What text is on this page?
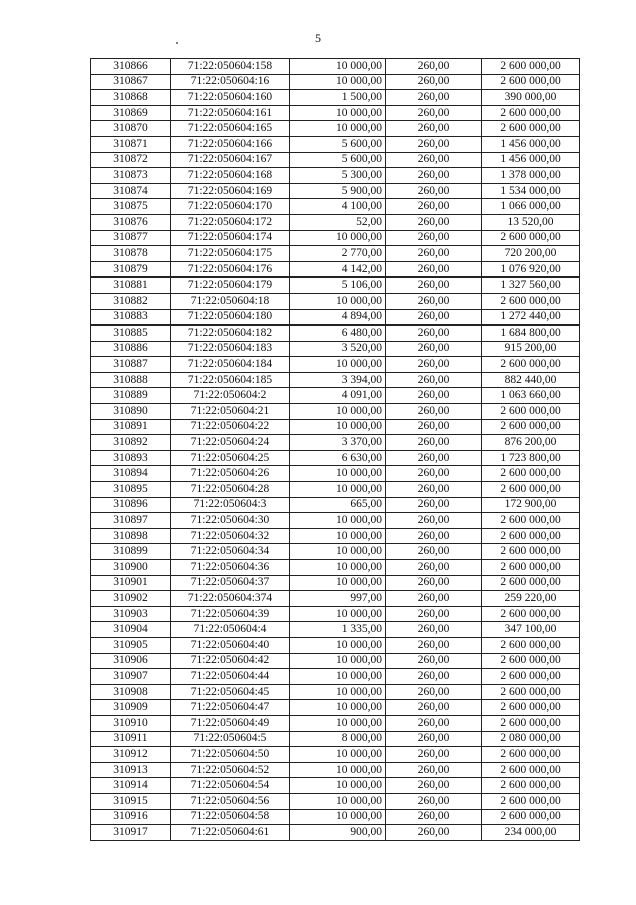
5
310866	71:22:050604:158	10 000,00	260,00	2 600 000,00
310867	71:22:050604:16	10 000,00	260,00	2 600 000,00
310868	71:22:050604:160	1 500,00	260,00	390 000,00
310869	71:22:050604:161	10 000,00	260,00	2 600 000,00
310870	71:22:050604:165	10 000,00	260,00	2 600 000,00
310871	71:22:050604:166	5 600,00	260,00	1 456 000,00
310872	71:22:050604:167	5 600,00	260,00	1 456 000,00
310873	71:22:050604:168	5 300,00	260,00	1 378 000,00
310874	71:22:050604:169	5 900,00	260,00	1 534 000,00
310875	71:22:050604:170	4 100,00	260,00	1 066 000,00
310876	71:22:050604:172	52,00	260,00	13 520,00
310877	71:22:050604:174	10 000,00	260,00	2 600 000,00
310878	71:22:050604:175	2 770,00	260,00	720 200,00
310879	71:22:050604:176	4 142,00	260,00	1 076 920,00
310881	71:22:050604:179	5 106,00	260,00	1 327 560,00
310882	71:22:050604:18	10 000,00	260,00	2 600 000,00
310883	71:22:050604:180	4 894,00	260,00	1 272 440,00
310885	71:22:050604:182	6 480,00	260,00	1 684 800,00
310886	71:22:050604:183	3 520,00	260,00	915 200,00
310887	71:22:050604:184	10 000,00	260,00	2 600 000,00
310888	71:22:050604:185	3 394,00	260,00	882 440,00
310889	71:22:050604:2	4 091,00	260,00	1 063 660,00
310890	71:22:050604:21	10 000,00	260,00	2 600 000,00
310891	71:22:050604:22	10 000,00	260,00	2 600 000,00
310892	71:22:050604:24	3 370,00	260,00	876 200,00
310893	71:22:050604:25	6 630,00	260,00	1 723 800,00
310894	71:22:050604:26	10 000,00	260,00	2 600 000,00
310895	71:22:050604:28	10 000,00	260,00	2 600 000,00
310896	71:22:050604:3	665,00	260,00	172 900,00
310897	71:22:050604:30	10 000,00	260,00	2 600 000,00
310898	71:22:050604:32	10 000,00	260,00	2 600 000,00
310899	71:22:050604:34	10 000,00	260,00	2 600 000,00
310900	71:22:050604:36	10 000,00	260,00	2 600 000,00
310901	71:22:050604:37	10 000,00	260,00	2 600 000,00
310902	71:22:050604:374	997,00	260,00	259 220,00
310903	71:22:050604:39	10 000,00	260,00	2 600 000,00
310904	71:22:050604:4	1 335,00	260,00	347 100,00
310905	71:22:050604:40	10 000,00	260,00	2 600 000,00
310906	71:22:050604:42	10 000,00	260,00	2 600 000,00
310907	71:22:050604:44	10 000,00	260,00	2 600 000,00
310908	71:22:050604:45	10 000,00	260,00	2 600 000,00
310909	71:22:050604:47	10 000,00	260,00	2 600 000,00
310910	71:22:050604:49	10 000,00	260,00	2 600 000,00
310911	71:22:050604:5	8 000,00	260,00	2 080 000,00
310912	71:22:050604:50	10 000,00	260,00	2 600 000,00
310913	71:22:050604:52	10 000,00	260,00	2 600 000,00
310914	71:22:050604:54	10 000,00	260,00	2 600 000,00
310915	71:22:050604:56	10 000,00	260,00	2 600 000,00
310916	71:22:050604:58	10 000,00	260,00	2 600 000,00
310917	71:22:050604:61	900,00	260,00	234 000,00
